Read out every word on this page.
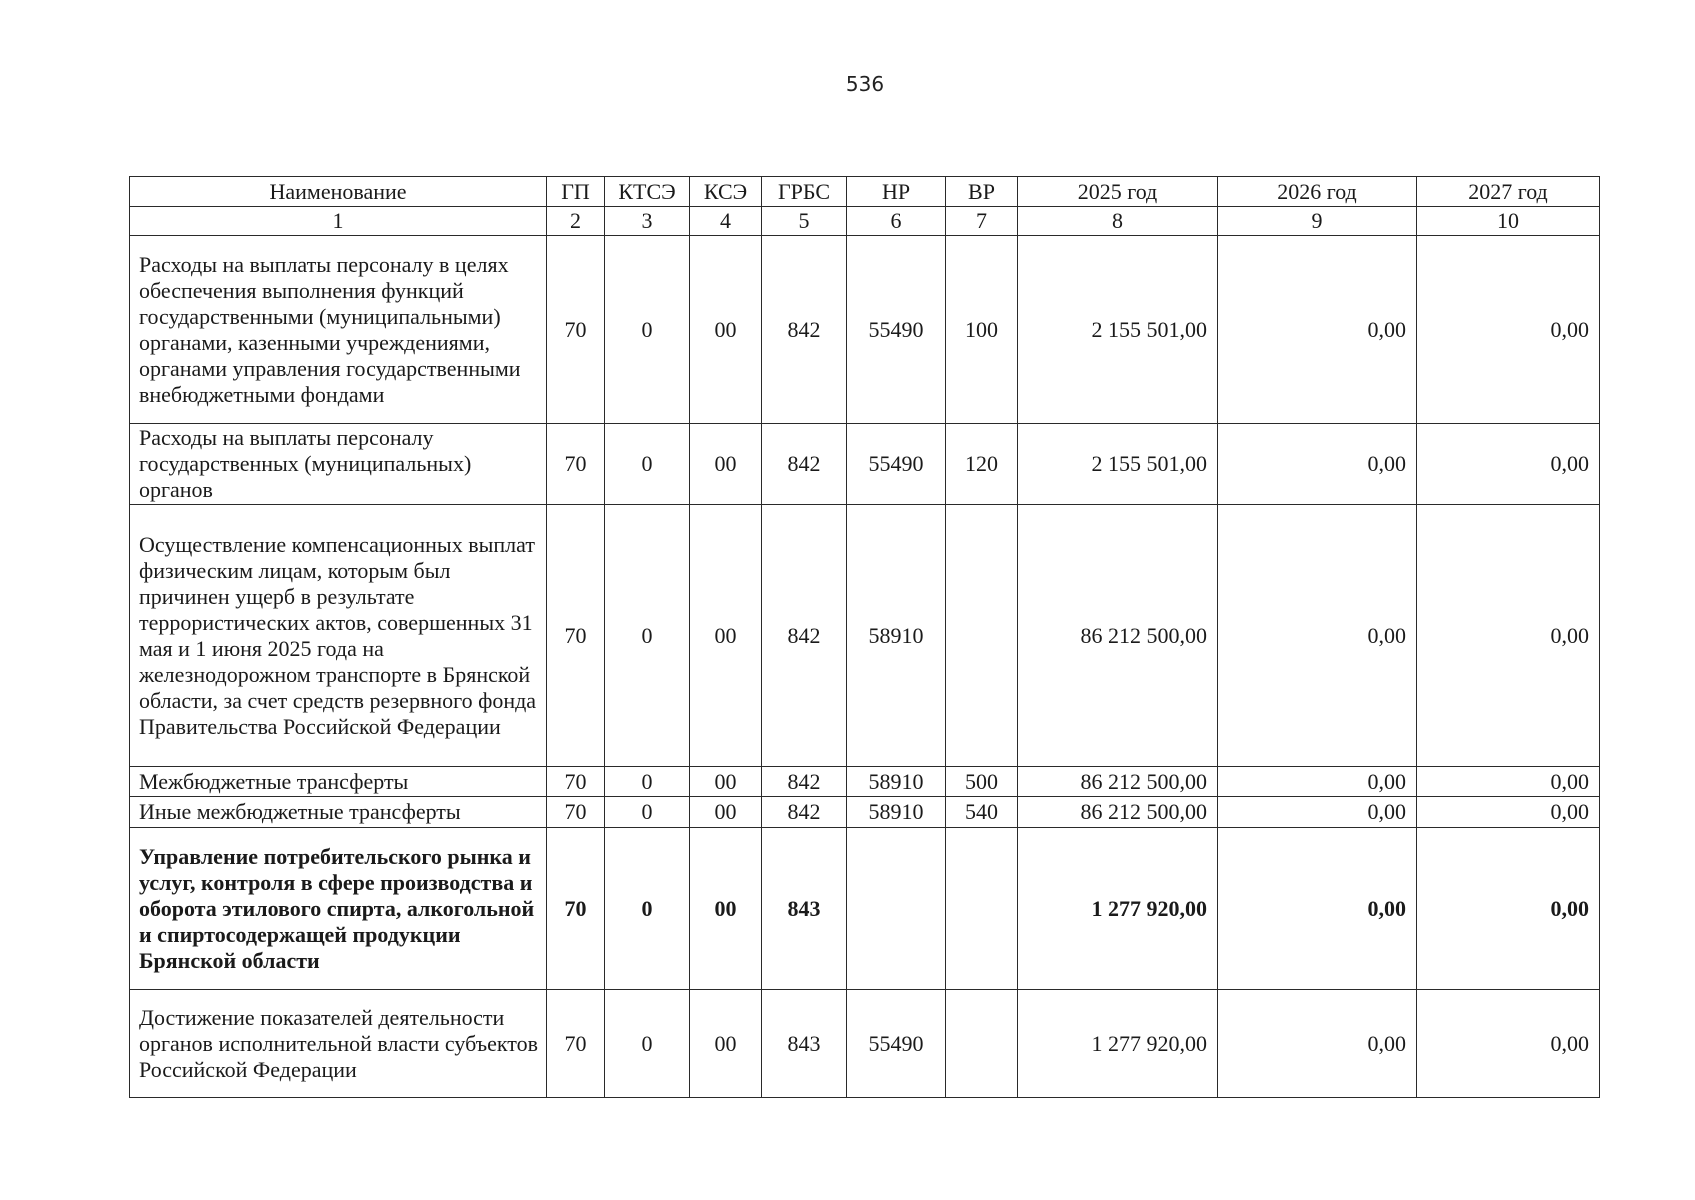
536
Наименование	ГП	КТСЭ	КСЭ	ГРБС	НР	ВР	2025 год	2026 год	2027 год
1	2	3	4	5	6	7	8	9	10
Расходы на выплаты персоналу в целях обеспечения выполнения функций государственными (муниципальными) органами, казенными учреждениями, органами управления государственными внебюджетными фондами	70	0	00	842	55490	100	2 155 501,00	0,00	0,00
Расходы на выплаты персоналу государственных (муниципальных) органов	70	0	00	842	55490	120	2 155 501,00	0,00	0,00
Осуществление компенсационных выплат физическим лицам, которым был причинен ущерб в результате террористических актов, совершенных 31 мая и 1 июня 2025 года на железнодорожном транспорте в Брянской области, за счет средств резервного фонда Правительства Российской Федерации	70	0	00	842	58910		86 212 500,00	0,00	0,00
Межбюджетные трансферты	70	0	00	842	58910	500	86 212 500,00	0,00	0,00
Иные межбюджетные трансферты	70	0	00	842	58910	540	86 212 500,00	0,00	0,00
Управление потребительского рынка и услуг, контроля в сфере производства и оборота этилового спирта, алкогольной и спиртосодержащей продукции Брянской области	70	0	00	843			1 277 920,00	0,00	0,00
Достижение показателей деятельности органов исполнительной власти субъектов Российской Федерации	70	0	00	843	55490		1 277 920,00	0,00	0,00
